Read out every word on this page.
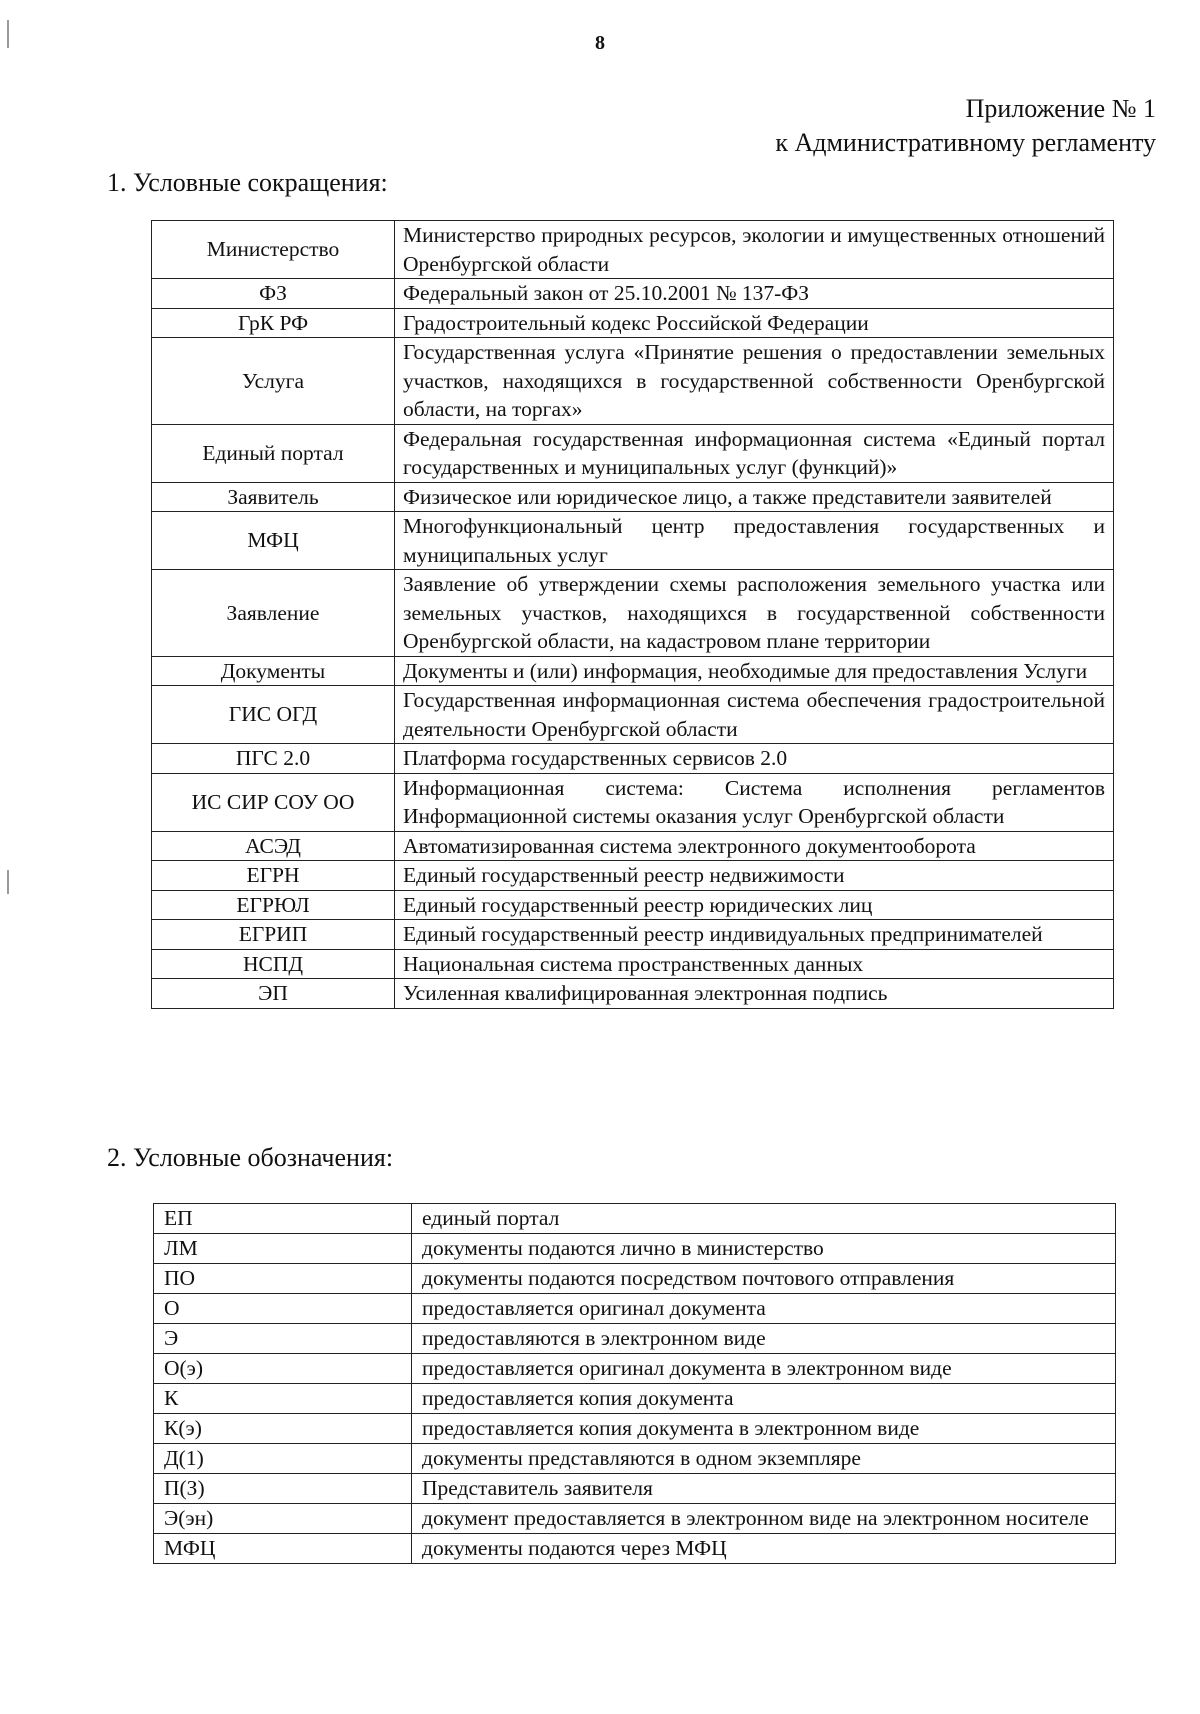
8
Приложение № 1
к Административному регламенту
1. Условные сокращения:
Министерство	Министерство природных ресурсов, экологии и имущественных отношений Оренбургской области
ФЗ	Федеральный закон от 25.10.2001 № 137-ФЗ
ГрК РФ	Градостроительный кодекс Российской Федерации
Услуга	Государственная услуга «Принятие решения о предоставлении земельных участков, находящихся в государственной собственности Оренбургской области, на торгах»
Единый портал	Федеральная государственная информационная система «Единый портал государственных и муниципальных услуг (функций)»
Заявитель	Физическое или юридическое лицо, а также представители заявителей
МФЦ	Многофункциональный центр предоставления государственных и муниципальных услуг
Заявление	Заявление об утверждении схемы расположения земельного участка или земельных участков, находящихся в государственной собственности Оренбургской области, на кадастровом плане территории
Документы	Документы и (или) информация, необходимые для предоставления Услуги
ГИС ОГД	Государственная информационная система обеспечения градостроительной деятельности Оренбургской области
ПГС 2.0	Платформа государственных сервисов 2.0
ИС СИР СОУ ОО	Информационная система: Система исполнения регламентов Информационной системы оказания услуг Оренбургской области
АСЭД	Автоматизированная система электронного документооборота
ЕГРН	Единый государственный реестр недвижимости
ЕГРЮЛ	Единый государственный реестр юридических лиц
ЕГРИП	Единый государственный реестр индивидуальных предпринимателей
НСПД	Национальная система пространственных данных
ЭП	Усиленная квалифицированная электронная подпись
2. Условные обозначения:
ЕП	единый портал
ЛМ	документы подаются лично в министерство
ПО	документы подаются посредством почтового отправления
О	предоставляется оригинал документа
Э	предоставляются в электронном виде
О(э)	предоставляется оригинал документа в электронном виде
К	предоставляется копия документа
К(э)	предоставляется копия документа в электронном виде
Д(1)	документы представляются в одном экземпляре
П(З)	Представитель заявителя
Э(эн)	документ предоставляется в электронном виде на электронном носителе
МФЦ	документы подаются через МФЦ
